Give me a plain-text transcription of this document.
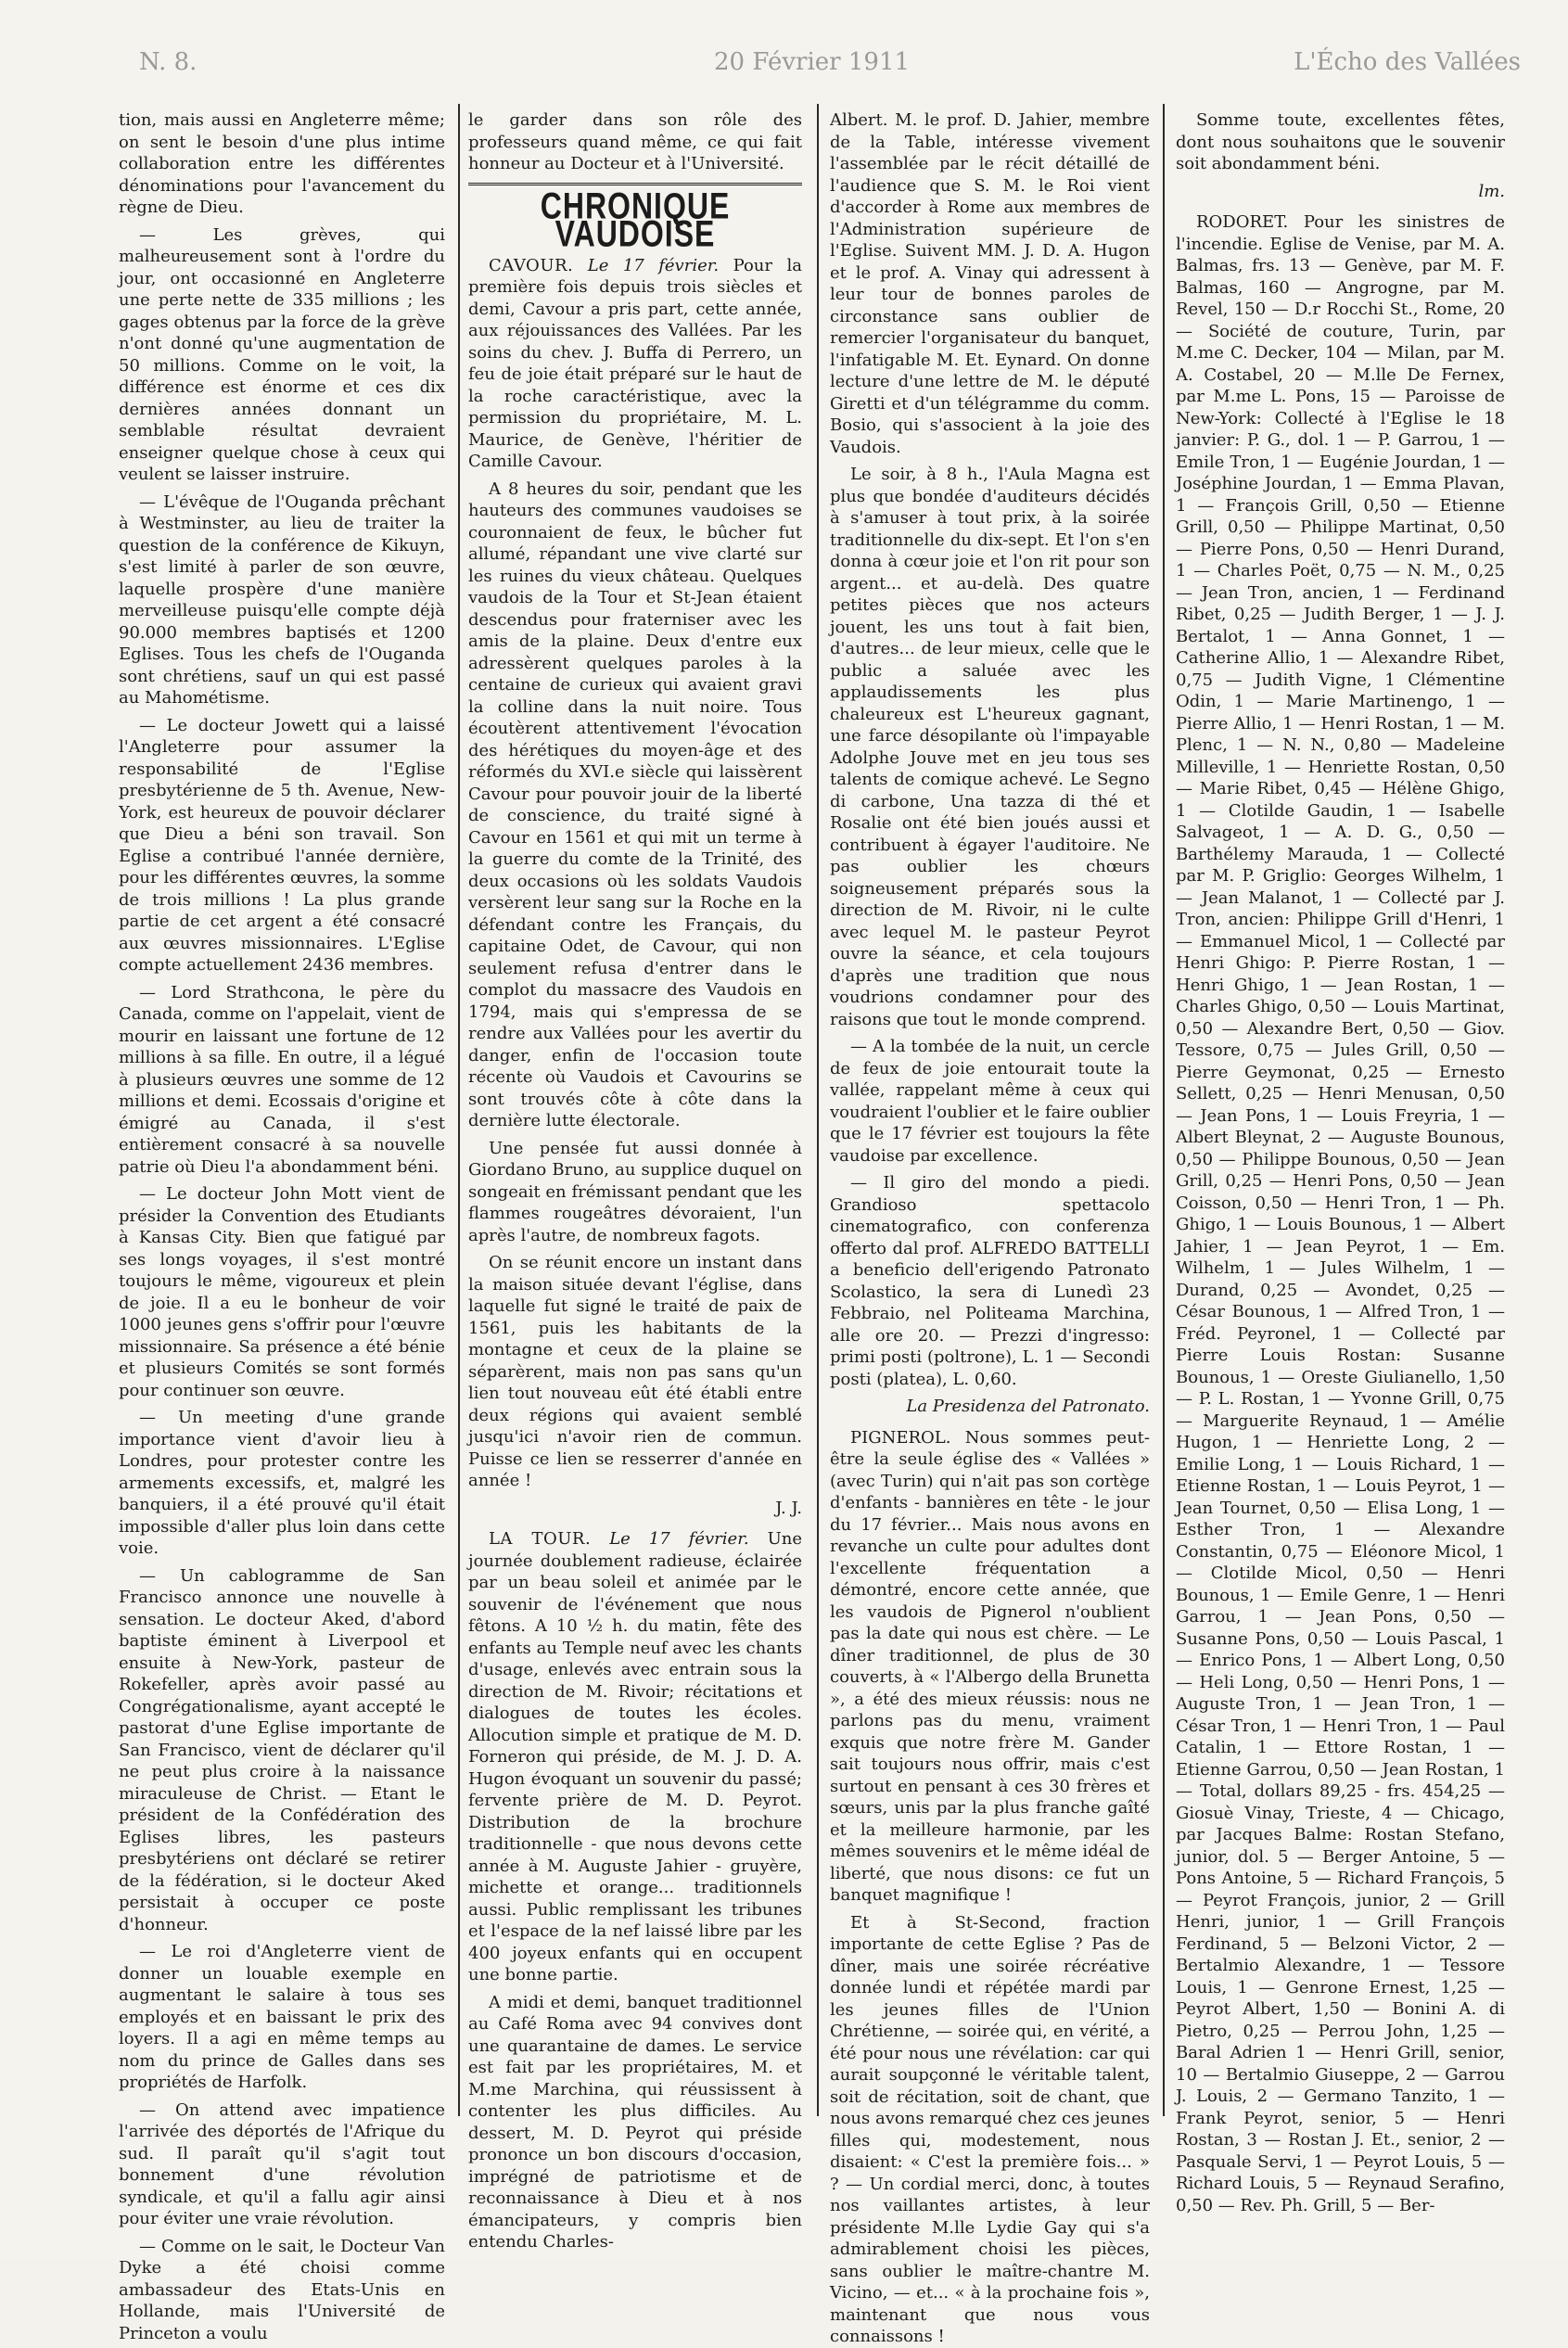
N. 8.	20 Février 1911	L'Écho des Vallées

tion, mais aussi en Angleterre même; on sent le besoin d'une plus intime collaboration entre les différentes dénominations pour l'avancement du règne de Dieu.

— Les grèves, qui malheureusement sont à l'ordre du jour, ont occasionné en Angleterre une perte nette de 335 millions ; les gages obtenus par la force de la grève n'ont donné qu'une augmentation de 50 millions. Comme on le voit, la différence est énorme et ces dix dernières années donnant un semblable résultat devraient enseigner quelque chose à ceux qui veulent se laisser instruire.

— L'évêque de l'Ouganda prêchant à Westminster, au lieu de traiter la question de la conférence de Kikuyn, s'est limité à parler de son œuvre, laquelle prospère d'une manière merveilleuse puisqu'elle compte déjà 90.000 membres baptisés et 1200 Eglises. Tous les chefs de l'Ouganda sont chrétiens, sauf un qui est passé au Mahométisme.

— Le docteur Jowett qui a laissé l'Angleterre pour assumer la responsabilité de l'Eglise presbytérienne de 5 th. Avenue, New-York, est heureux de pouvoir déclarer que Dieu a béni son travail. Son Eglise a contribué l'année dernière, pour les différentes œuvres, la somme de trois millions ! La plus grande partie de cet argent a été consacré aux œuvres missionnaires. L'Eglise compte actuellement 2436 membres.

— Lord Strathcona, le père du Canada, comme on l'appelait, vient de mourir en laissant une fortune de 12 millions à sa fille. En outre, il a légué à plusieurs œuvres une somme de 12 millions et demi. Ecossais d'origine et émigré au Canada, il s'est entièrement consacré à sa nouvelle patrie où Dieu l'a abondamment béni.

— Le docteur John Mott vient de présider la Convention des Etudiants à Kansas City. Bien que fatigué par ses longs voyages, il s'est montré toujours le même, vigoureux et plein de joie. Il a eu le bonheur de voir 1000 jeunes gens s'offrir pour l'œuvre missionnaire. Sa présence a été bénie et plusieurs Comités se sont formés pour continuer son œuvre.

— Un meeting d'une grande importance vient d'avoir lieu à Londres, pour protester contre les armements excessifs, et, malgré les banquiers, il a été prouvé qu'il était impossible d'aller plus loin dans cette voie.

— Un cablogramme de San Francisco annonce une nouvelle à sensation. Le docteur Aked, d'abord baptiste éminent à Liverpool et ensuite à New-York, pasteur de Rokefeller, après avoir passé au Congrégationalisme, ayant accepté le pastorat d'une Eglise importante de San Francisco, vient de déclarer qu'il ne peut plus croire à la naissance miraculeuse de Christ. — Etant le président de la Confédération des Eglises libres, les pasteurs presbytériens ont déclaré se retirer de la fédération, si le docteur Aked persistait à occuper ce poste d'honneur.

— Le roi d'Angleterre vient de donner un louable exemple en augmentant le salaire à tous ses employés et en baissant le prix des loyers. Il a agi en même temps au nom du prince de Galles dans ses propriétés de Harfolk.

— On attend avec impatience l'arrivée des déportés de l'Afrique du sud. Il paraît qu'il s'agit tout bonnement d'une révolution syndicale, et qu'il a fallu agir ainsi pour éviter une vraie révolution.

— Comme on le sait, le Docteur Van Dyke a été choisi comme ambassadeur des Etats-Unis en Hollande, mais l'Université de Princeton a voulu

le garder dans son rôle des professeurs quand même, ce qui fait honneur au Docteur et à l'Université.

CHRONIQUE VAUDOISE

CAVOUR. Le 17 février. Pour la première fois depuis trois siècles et demi, Cavour a pris part, cette année, aux réjouissances des Vallées. Par les soins du chev. J. Buffa di Perrero, un feu de joie était préparé sur le haut de la roche caractéristique, avec la permission du propriétaire, M. L. Maurice, de Genève, l'héritier de Camille Cavour.

A 8 heures du soir, pendant que les hauteurs des communes vaudoises se couronnaient de feux, le bûcher fut allumé, répandant une vive clarté sur les ruines du vieux château. Quelques vaudois de la Tour et St-Jean étaient descendus pour fraterniser avec les amis de la plaine. Deux d'entre eux adressèrent quelques paroles à la centaine de curieux qui avaient gravi la colline dans la nuit noire. Tous écoutèrent attentivement l'évocation des hérétiques du moyen-âge et des réformés du XVI.e siècle qui laissèrent Cavour pour pouvoir jouir de la liberté de conscience, du traité signé à Cavour en 1561 et qui mit un terme à la guerre du comte de la Trinité, des deux occasions où les soldats Vaudois versèrent leur sang sur la Roche en la défendant contre les Français, du capitaine Odet, de Cavour, qui non seulement refusa d'entrer dans le complot du massacre des Vaudois en 1794, mais qui s'empressa de se rendre aux Vallées pour les avertir du danger, enfin de l'occasion toute récente où Vaudois et Cavourins se sont trouvés côte à côte dans la dernière lutte électorale.

Une pensée fut aussi donnée à Giordano Bruno, au supplice duquel on songeait en frémissant pendant que les flammes rougeâtres dévoraient, l'un après l'autre, de nombreux fagots.

On se réunit encore un instant dans la maison située devant l'église, dans laquelle fut signé le traité de paix de 1561, puis les habitants de la montagne et ceux de la plaine se séparèrent, mais non pas sans qu'un lien tout nouveau eût été établi entre deux régions qui avaient semblé jusqu'ici n'avoir rien de commun. Puisse ce lien se resserrer d'année en année !

J. J.

LA TOUR. Le 17 février. Une journée doublement radieuse, éclairée par un beau soleil et animée par le souvenir de l'événement que nous fêtons. A 10 ½ h. du matin, fête des enfants au Temple neuf avec les chants d'usage, enlevés avec entrain sous la direction de M. Rivoir; récitations et dialogues de toutes les écoles. Allocution simple et pratique de M. D. Forneron qui préside, de M. J. D. A. Hugon évoquant un souvenir du passé; fervente prière de M. D. Peyrot. Distribution de la brochure traditionnelle - que nous devons cette année à M. Auguste Jahier - gruyère, michette et orange... traditionnels aussi. Public remplissant les tribunes et l'espace de la nef laissé libre par les 400 joyeux enfants qui en occupent une bonne partie.

A midi et demi, banquet traditionnel au Café Roma avec 94 convives dont une quarantaine de dames. Le service est fait par les propriétaires, M. et M.me Marchina, qui réussissent à contenter les plus difficiles. Au dessert, M. D. Peyrot qui préside prononce un bon discours d'occasion, imprégné de patriotisme et de reconnaissance à Dieu et à nos émancipateurs, y compris bien entendu Charles-

Albert. M. le prof. D. Jahier, membre de la Table, intéresse vivement l'assemblée par le récit détaillé de l'audience que S. M. le Roi vient d'accorder à Rome aux membres de l'Administration supérieure de l'Eglise. Suivent MM. J. D. A. Hugon et le prof. A. Vinay qui adressent à leur tour de bonnes paroles de circonstance sans oublier de remercier l'organisateur du banquet, l'infatigable M. Et. Eynard. On donne lecture d'une lettre de M. le député Giretti et d'un télégramme du comm. Bosio, qui s'associent à la joie des Vaudois.

Le soir, à 8 h., l'Aula Magna est plus que bondée d'auditeurs décidés à s'amuser à tout prix, à la soirée traditionnelle du dix-sept. Et l'on s'en donna à cœur joie et l'on rit pour son argent... et au-delà. Des quatre petites pièces que nos acteurs jouent, les uns tout à fait bien, d'autres... de leur mieux, celle que le public a saluée avec les applaudissements les plus chaleureux est L'heureux gagnant, une farce désopilante où l'impayable Adolphe Jouve met en jeu tous ses talents de comique achevé. Le Segno di carbone, Una tazza di thé et Rosalie ont été bien joués aussi et contribuent à égayer l'auditoire. Ne pas oublier les chœurs soigneusement préparés sous la direction de M. Rivoir, ni le culte avec lequel M. le pasteur Peyrot ouvre la séance, et cela toujours d'après une tradition que nous voudrions condamner pour des raisons que tout le monde comprend.

— A la tombée de la nuit, un cercle de feux de joie entourait toute la vallée, rappelant même à ceux qui voudraient l'oublier et le faire oublier que le 17 février est toujours la fête vaudoise par excellence.

— Il giro del mondo a piedi. Grandioso spettacolo cinematografico, con conferenza offerto dal prof. ALFREDO BATTELLI a beneficio dell'erigendo Patronato Scolastico, la sera di Lunedì 23 Febbraio, nel Politeama Marchina, alle ore 20. — Prezzi d'ingresso: primi posti (poltrone), L. 1 — Secondi posti (platea), L. 0,60.

La Presidenza del Patronato.

PIGNEROL. Nous sommes peut-être la seule église des « Vallées » (avec Turin) qui n'ait pas son cortège d'enfants - bannières en tête - le jour du 17 février... Mais nous avons en revanche un culte pour adultes dont l'excellente fréquentation a démontré, encore cette année, que les vaudois de Pignerol n'oublient pas la date qui nous est chère. — Le dîner traditionnel, de plus de 30 couverts, à « l'Albergo della Brunetta », a été des mieux réussis: nous ne parlons pas du menu, vraiment exquis que notre frère M. Gander sait toujours nous offrir, mais c'est surtout en pensant à ces 30 frères et sœurs, unis par la plus franche gaîté et la meilleure harmonie, par les mêmes souvenirs et le même idéal de liberté, que nous disons: ce fut un banquet magnifique !

Et à St-Second, fraction importante de cette Eglise ? Pas de dîner, mais une soirée récréative donnée lundi et répétée mardi par les jeunes filles de l'Union Chrétienne, — soirée qui, en vérité, a été pour nous une révélation: car qui aurait soupçonné le véritable talent, soit de récitation, soit de chant, que nous avons remarqué chez ces jeunes filles qui, modestement, nous disaient: « C'est la première fois... » ? — Un cordial merci, donc, à toutes nos vaillantes artistes, à leur présidente M.lle Lydie Gay qui s'a admirablement choisi les pièces, sans oublier le maître-chantre M. Vicino, — et... « à la prochaine fois », maintenant que nous vous connaissons !

Somme toute, excellentes fêtes, dont nous souhaitons que le souvenir soit abondamment béni.

lm.

RODORET. Pour les sinistres de l'incendie. Eglise de Venise, par M. A. Balmas, frs. 13 — Genève, par M. F. Balmas, 160 — Angrogne, par M. Revel, 150 — D.r Rocchi St., Rome, 20 — Société de couture, Turin, par M.me C. Decker, 104 — Milan, par M. A. Costabel, 20 — M.lle De Fernex, par M.me L. Pons, 15 — Paroisse de New-York: Collecté à l'Eglise le 18 janvier: P. G., dol. 1 — P. Garrou, 1 — Emile Tron, 1 — Eugénie Jourdan, 1 — Joséphine Jourdan, 1 — Emma Plavan, 1 — François Grill, 0,50 — Etienne Grill, 0,50 — Philippe Martinat, 0,50 — Pierre Pons, 0,50 — Henri Durand, 1 — Charles Poët, 0,75 — N. M., 0,25 — Jean Tron, ancien, 1 — Ferdinand Ribet, 0,25 — Judith Berger, 1 — J. J. Bertalot, 1 — Anna Gonnet, 1 — Catherine Allio, 1 — Alexandre Ribet, 0,75 — Judith Vigne, 1 Clémentine Odin, 1 — Marie Martinengo, 1 — Pierre Allio, 1 — Henri Rostan, 1 — M. Plenc, 1 — N. N., 0,80 — Madeleine Milleville, 1 — Henriette Rostan, 0,50 — Marie Ribet, 0,45 — Hélène Ghigo, 1 — Clotilde Gaudin, 1 — Isabelle Salvageot, 1 — A. D. G., 0,50 — Barthélemy Marauda, 1 — Collecté par M. P. Griglio: Georges Wilhelm, 1 — Jean Malanot, 1 — Collecté par J. Tron, ancien: Philippe Grill d'Henri, 1 — Emmanuel Micol, 1 — Collecté par Henri Ghigo: P. Pierre Rostan, 1 — Henri Ghigo, 1 — Jean Rostan, 1 — Charles Ghigo, 0,50 — Louis Martinat, 0,50 — Alexandre Bert, 0,50 — Giov. Tessore, 0,75 — Jules Grill, 0,50 — Pierre Geymonat, 0,25 — Ernesto Sellett, 0,25 — Henri Menusan, 0,50 — Jean Pons, 1 — Louis Freyria, 1 — Albert Bleynat, 2 — Auguste Bounous, 0,50 — Philippe Bounous, 0,50 — Jean Grill, 0,25 — Henri Pons, 0,50 — Jean Coisson, 0,50 — Henri Tron, 1 — Ph. Ghigo, 1 — Louis Bounous, 1 — Albert Jahier, 1 — Jean Peyrot, 1 — Em. Wilhelm, 1 — Jules Wilhelm, 1 — Durand, 0,25 — Avondet, 0,25 — César Bounous, 1 — Alfred Tron, 1 — Fréd. Peyronel, 1 — Collecté par Pierre Louis Rostan: Susanne Bounous, 1 — Oreste Giulianello, 1,50 — P. L. Rostan, 1 — Yvonne Grill, 0,75 — Marguerite Reynaud, 1 — Amélie Hugon, 1 — Henriette Long, 2 — Emilie Long, 1 — Louis Richard, 1 — Etienne Rostan, 1 — Louis Peyrot, 1 — Jean Tournet, 0,50 — Elisa Long, 1 — Esther Tron, 1 — Alexandre Constantin, 0,75 — Eléonore Micol, 1 — Clotilde Micol, 0,50 — Henri Bounous, 1 — Emile Genre, 1 — Henri Garrou, 1 — Jean Pons, 0,50 — Susanne Pons, 0,50 — Louis Pascal, 1 — Enrico Pons, 1 — Albert Long, 0,50 — Heli Long, 0,50 — Henri Pons, 1 — Auguste Tron, 1 — Jean Tron, 1 — César Tron, 1 — Henri Tron, 1 — Paul Catalin, 1 — Ettore Rostan, 1 — Etienne Garrou, 0,50 — Jean Rostan, 1 — Total, dollars 89,25 - frs. 454,25 — Giosuè Vinay, Trieste, 4 — Chicago, par Jacques Balme: Rostan Stefano, junior, dol. 5 — Berger Antoine, 5 — Pons Antoine, 5 — Richard François, 5 — Peyrot François, junior, 2 — Grill Henri, junior, 1 — Grill François Ferdinand, 5 — Belzoni Victor, 2 — Bertalmio Alexandre, 1 — Tessore Louis, 1 — Genrone Ernest, 1,25 — Peyrot Albert, 1,50 — Bonini A. di Pietro, 0,25 — Perrou John, 1,25 — Baral Adrien 1 — Henri Grill, senior, 10 — Bertalmio Giuseppe, 2 — Garrou J. Louis, 2 — Germano Tanzito, 1 — Frank Peyrot, senior, 5 — Henri Rostan, 3 — Rostan J. Et., senior, 2 — Pasquale Servi, 1 — Peyrot Louis, 5 — Richard Louis, 5 — Reynaud Serafino, 0,50 — Rev. Ph. Grill, 5 — Ber-
